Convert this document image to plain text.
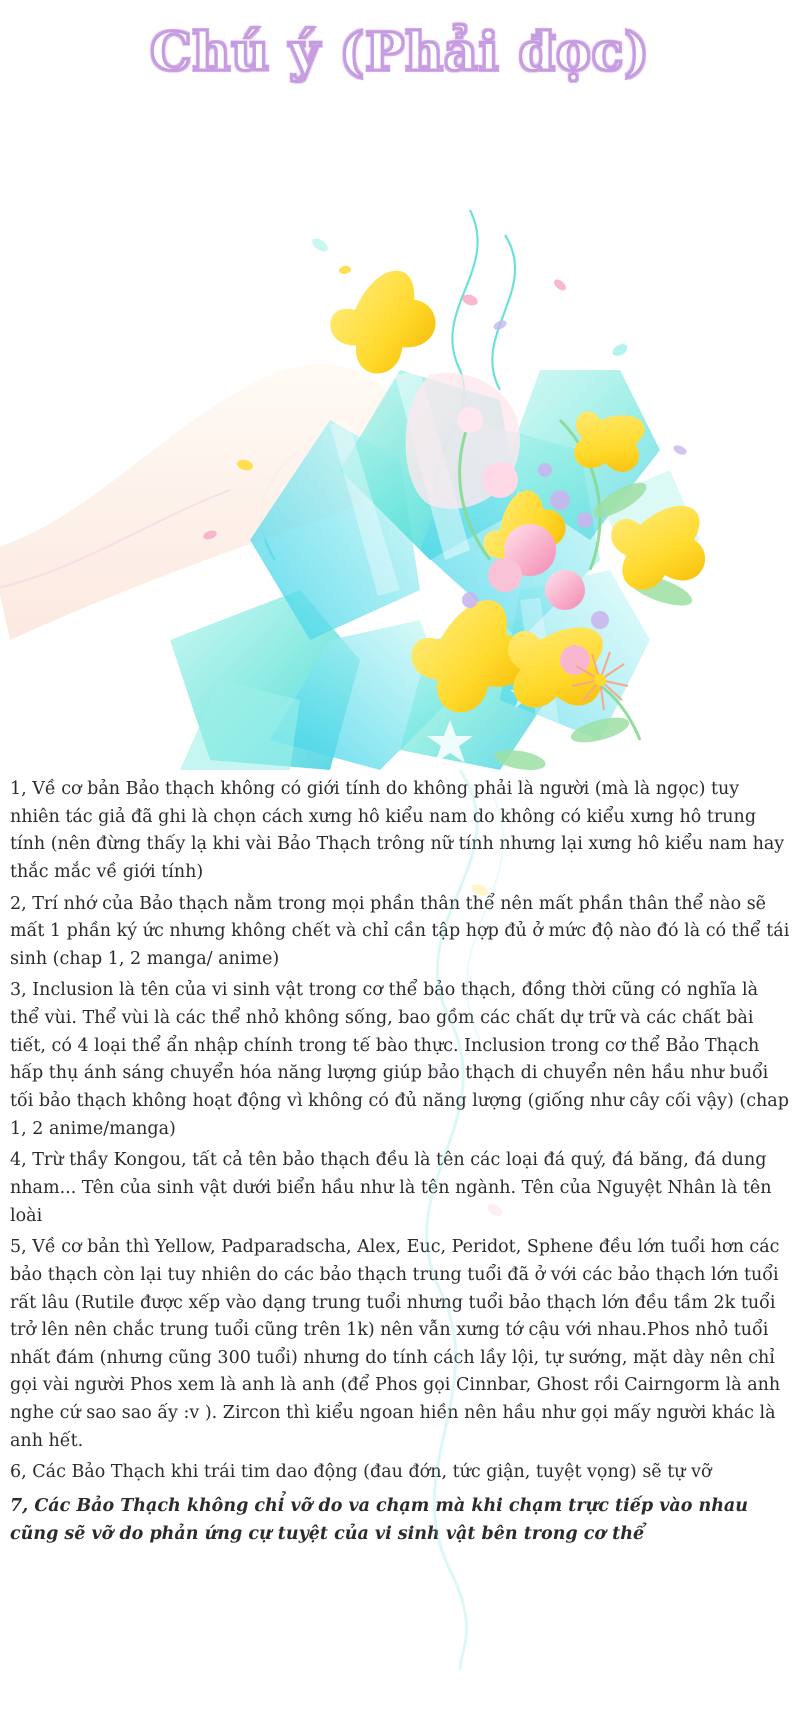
Chú ý (Phải đọc)

1, Về cơ bản Bảo thạch không có giới tính do không phải là người (mà là ngọc) tuy nhiên tác giả đã ghi là chọn cách xưng hô kiểu nam do không có kiểu xưng hô trung tính (nên đừng thấy lạ khi vài Bảo Thạch trông nữ tính nhưng lại xưng hô kiểu nam hay thắc mắc về giới tính)

2, Trí nhớ của Bảo thạch nằm trong mọi phần thân thể nên mất phần thân thể nào sẽ mất 1 phần ký ức nhưng không chết và chỉ cần tập hợp đủ ở mức độ nào đó là có thể tái sinh (chap 1, 2 manga/ anime)

3, Inclusion là tên của vi sinh vật trong cơ thể bảo thạch, đồng thời cũng có nghĩa là thể vùi. Thể vùi là các thể nhỏ không sống, bao gồm các chất dự trữ và các chất bài tiết, có 4 loại thể ẩn nhập chính trong tế bào thực. Inclusion trong cơ thể Bảo Thạch hấp thụ ánh sáng chuyển hóa năng lượng giúp bảo thạch di chuyển nên hầu như buổi tối bảo thạch không hoạt động vì không có đủ năng lượng (giống như cây cối vậy) (chap 1, 2 anime/manga)

4, Trừ thầy Kongou, tất cả tên bảo thạch đều là tên các loại đá quý, đá băng, đá dung nham... Tên của sinh vật dưới biển hầu như là tên ngành. Tên của Nguyệt Nhân là tên loài

5, Về cơ bản thì Yellow, Padparadscha, Alex, Euc, Peridot, Sphene đều lớn tuổi hơn các bảo thạch còn lại tuy nhiên do các bảo thạch trung tuổi đã ở với các bảo thạch lớn tuổi rất lâu (Rutile được xếp vào dạng trung tuổi nhưng tuổi bảo thạch lớn đều tầm 2k tuổi trở lên nên chắc trung tuổi cũng trên 1k) nên vẫn xưng tớ cậu với nhau.Phos nhỏ tuổi nhất đám (nhưng cũng 300 tuổi) nhưng do tính cách lầy lội, tự sướng, mặt dày nên chỉ gọi vài người Phos xem là anh là anh (để Phos gọi Cinnbar, Ghost rồi Cairngorm là anh nghe cứ sao sao ấy :v ). Zircon thì kiểu ngoan hiền nên hầu như gọi mấy người khác là anh hết.

6, Các Bảo Thạch khi trái tim dao động (đau đớn, tức giận, tuyệt vọng) sẽ tự vỡ

7, Các Bảo Thạch không chỉ vỡ do va chạm mà khi chạm trực tiếp vào nhau cũng sẽ vỡ do phản ứng cự tuyệt của vi sinh vật bên trong cơ thể
